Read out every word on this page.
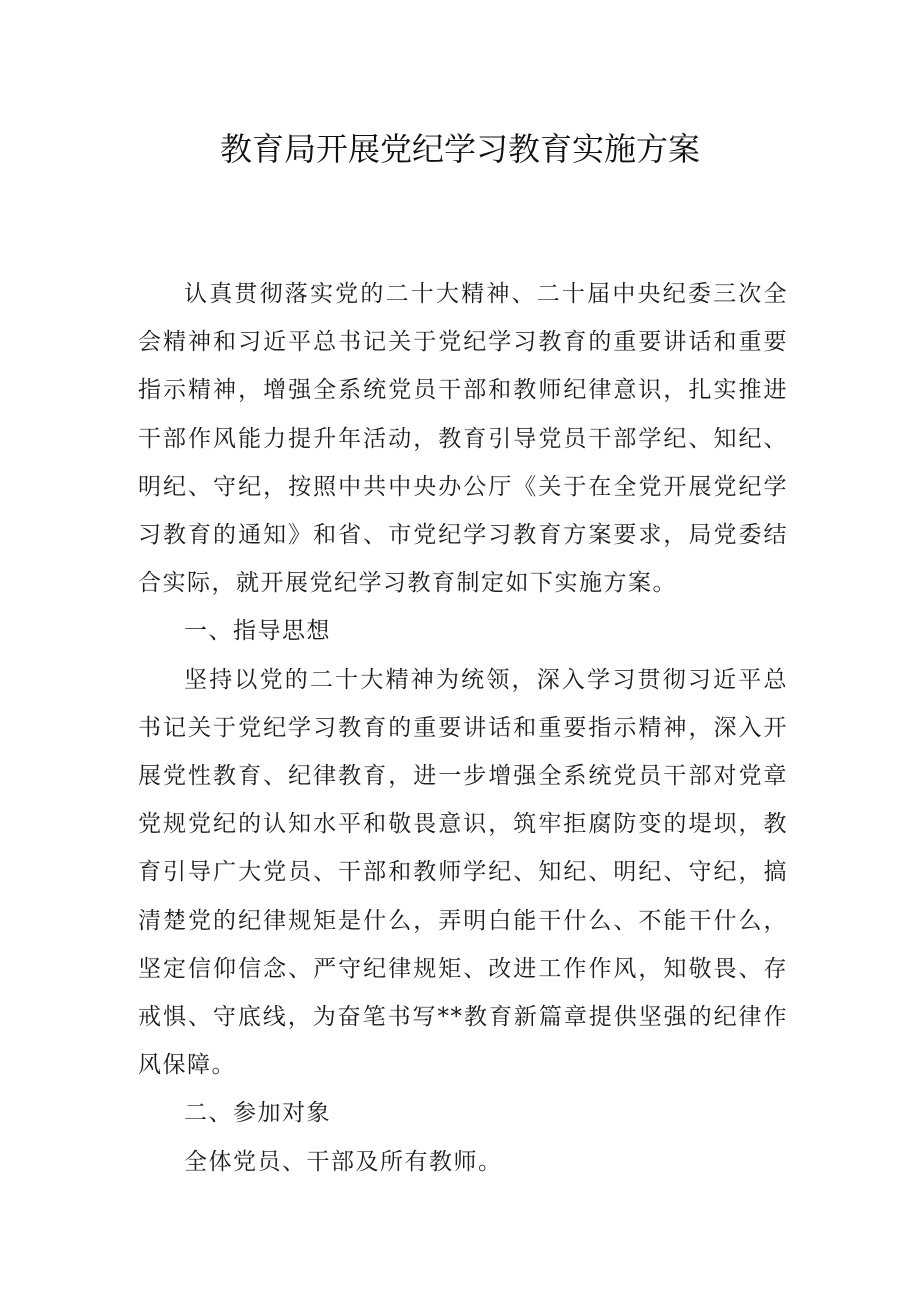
教育局开展党纪学习教育实施方案

认真贯彻落实党的二十大精神、二十届中央纪委三次全会精神和习近平总书记关于党纪学习教育的重要讲话和重要指示精神，增强全系统党员干部和教师纪律意识，扎实推进干部作风能力提升年活动，教育引导党员干部学纪、知纪、明纪、守纪，按照中共中央办公厅《关于在全党开展党纪学习教育的通知》和省、市党纪学习教育方案要求，局党委结合实际，就开展党纪学习教育制定如下实施方案。

一、指导思想

坚持以党的二十大精神为统领，深入学习贯彻习近平总书记关于党纪学习教育的重要讲话和重要指示精神，深入开展党性教育、纪律教育，进一步增强全系统党员干部对党章党规党纪的认知水平和敬畏意识，筑牢拒腐防变的堤坝，教育引导广大党员、干部和教师学纪、知纪、明纪、守纪，搞清楚党的纪律规矩是什么，弄明白能干什么、不能干什么，坚定信仰信念、严守纪律规矩、改进工作作风，知敬畏、存戒惧、守底线，为奋笔书写**教育新篇章提供坚强的纪律作风保障。

二、参加对象

全体党员、干部及所有教师。
